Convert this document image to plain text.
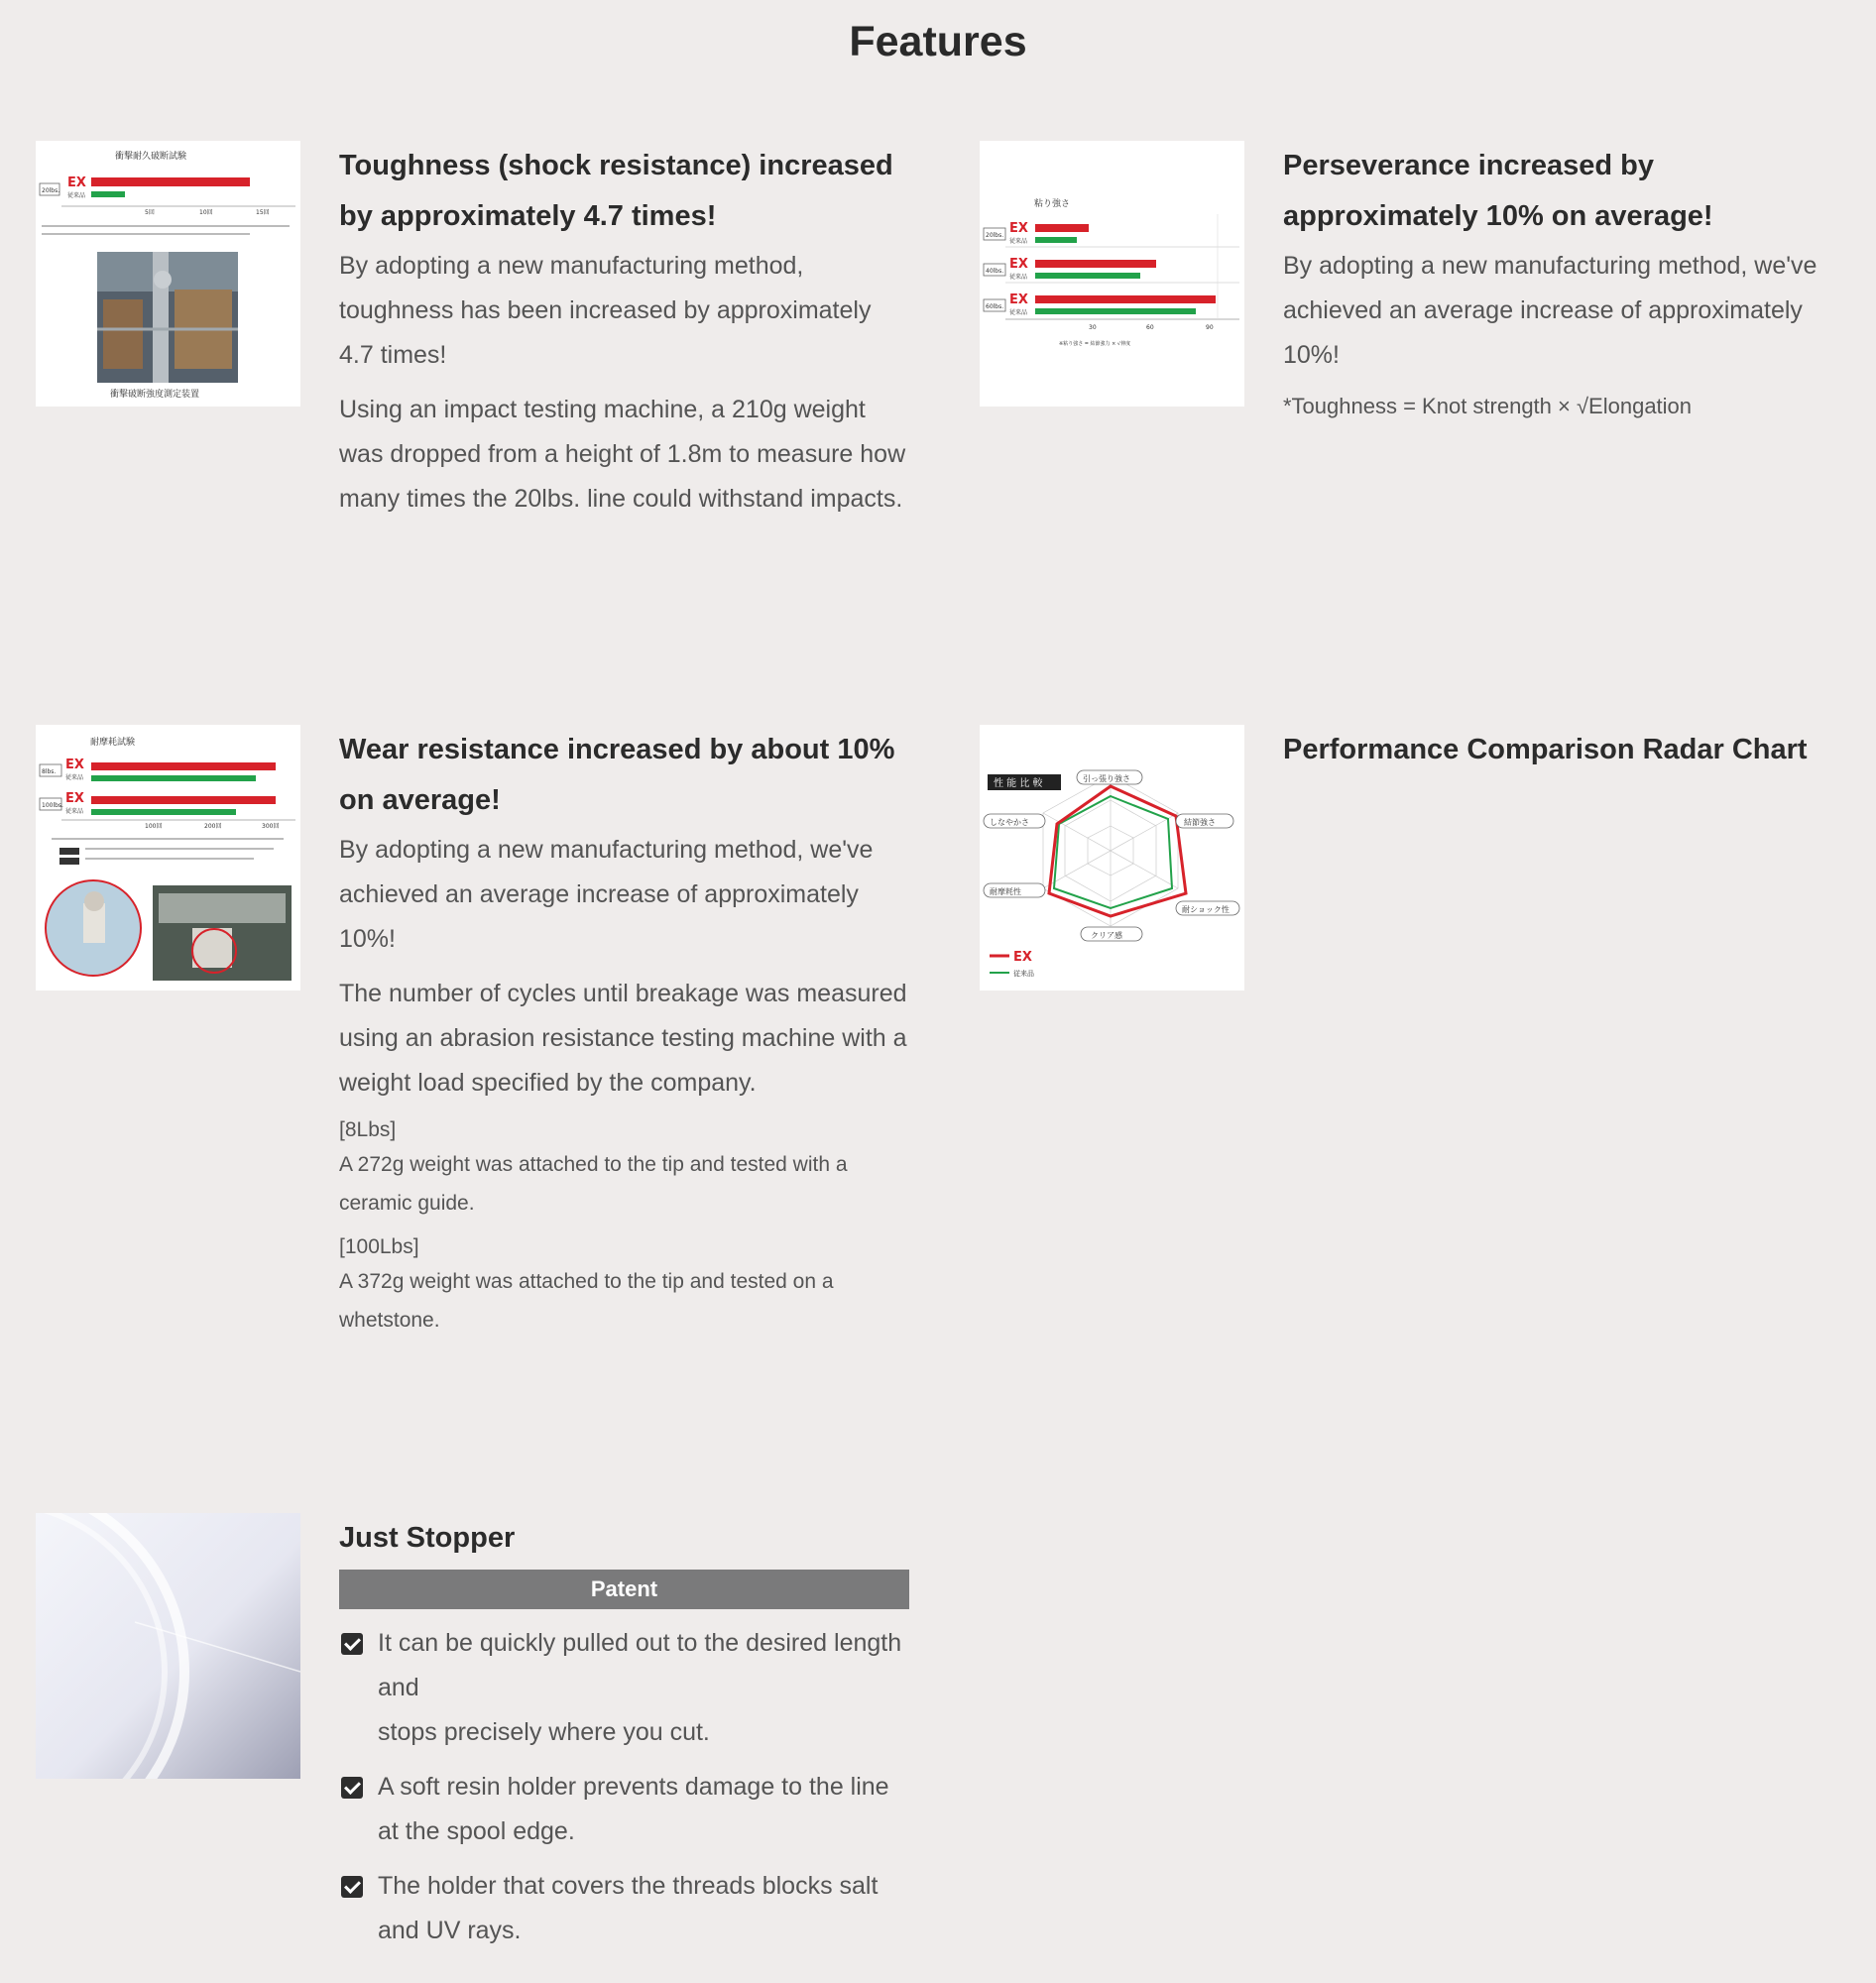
Features
衝撃耐久破断試験
20lbs.
EX
従来品
5回	10回	15回
衝撃破断強度測定装置
Toughness (shock resistance) increased by approximately 4.7 times!

By adopting a new manufacturing method, toughness has been increased by approximately 4.7 times!

Using an impact testing machine, a 210g weight was dropped from a height of 1.8m to measure how many times the 20lbs. line could withstand impacts.

粘り強さ
20lbs. EX
従来品
40lbs. EX
従来品
60lbs. EX
従来品
30	60	90
※粘り強さ = 結節強力 × √伸度
Perseverance increased by approximately 10% on average!

By adopting a new manufacturing method, we've achieved an average increase of approximately 10%!

*Toughness = Knot strength × √Elongation

耐摩耗試験
8lbs. EX
従来品
100lbs. EX
従来品
100回	200回	300回
Wear resistance increased by about 10% on average!

By adopting a new manufacturing method, we've achieved an average increase of approximately 10%!

The number of cycles until breakage was measured using an abrasion resistance testing machine with a weight load specified by the company.

[8Lbs]

A 272g weight was attached to the tip and tested with a ceramic guide.

[100Lbs]

A 372g weight was attached to the tip and tested on a whetstone.

性 能 比 較	引っ張り強さ
結節強さ
耐ショック性
クリア感
耐摩耗性
しなやかさ
EX
従来品
Performance Comparison Radar Chart
Just Stopper
Patent
It can be quickly pulled out to the desired length and
stops precisely where you cut.
A soft resin holder prevents damage to the line at the spool edge.
The holder that covers the threads blocks salt and UV rays.
